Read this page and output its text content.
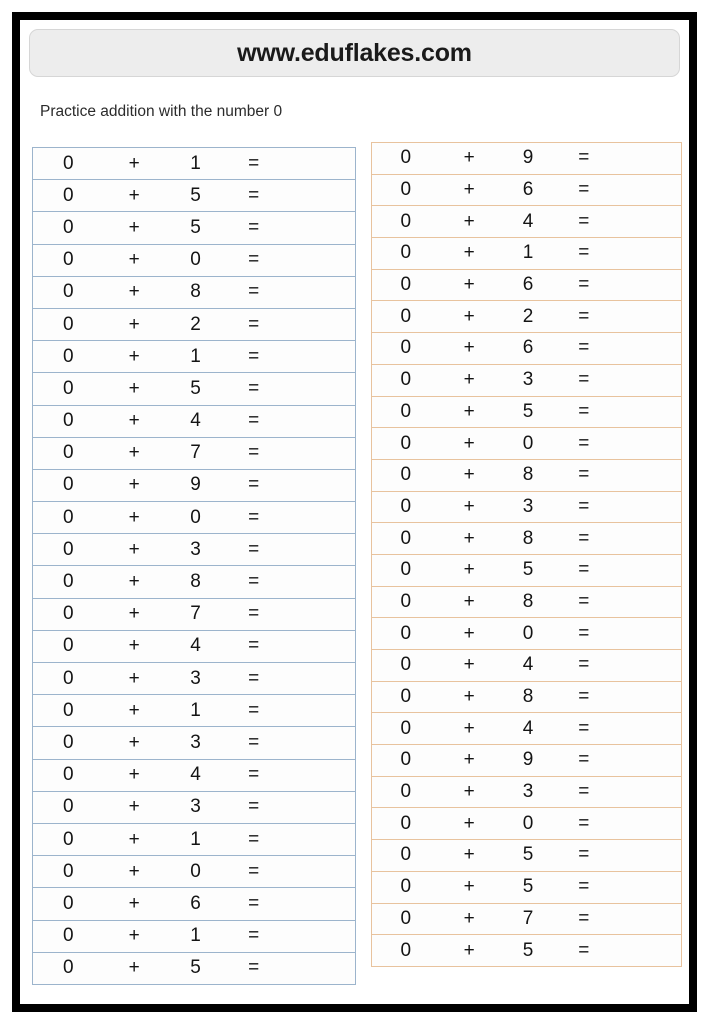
www.eduflakes.com
Practice addition with the number 0
0	+	1	=	
0	+	5	=	
0	+	5	=	
0	+	0	=	
0	+	8	=	
0	+	2	=	
0	+	1	=	
0	+	5	=	
0	+	4	=	
0	+	7	=	
0	+	9	=	
0	+	0	=	
0	+	3	=	
0	+	8	=	
0	+	7	=	
0	+	4	=	
0	+	3	=	
0	+	1	=	
0	+	3	=	
0	+	4	=	
0	+	3	=	
0	+	1	=	
0	+	0	=	
0	+	6	=	
0	+	1	=	
0	+	5	=	
0	+	9	=	
0	+	6	=	
0	+	4	=	
0	+	1	=	
0	+	6	=	
0	+	2	=	
0	+	6	=	
0	+	3	=	
0	+	5	=	
0	+	0	=	
0	+	8	=	
0	+	3	=	
0	+	8	=	
0	+	5	=	
0	+	8	=	
0	+	0	=	
0	+	4	=	
0	+	8	=	
0	+	4	=	
0	+	9	=	
0	+	3	=	
0	+	0	=	
0	+	5	=	
0	+	5	=	
0	+	7	=	
0	+	5	=	
